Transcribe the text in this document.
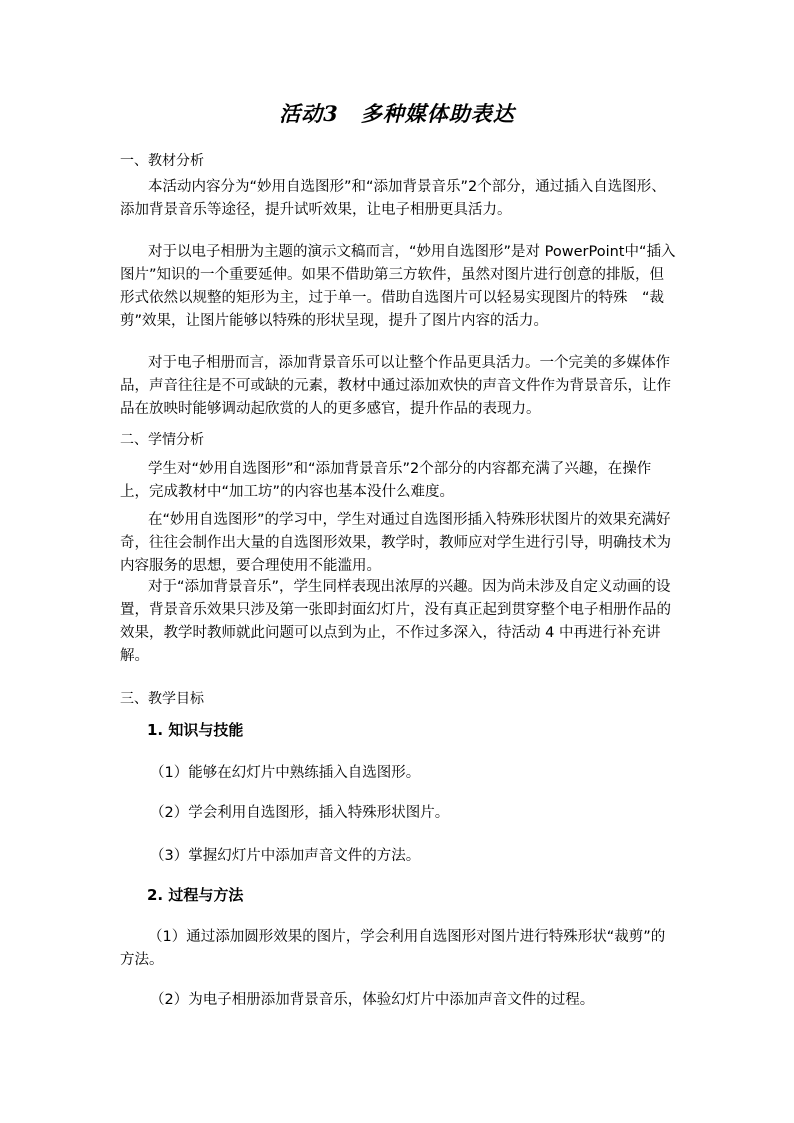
活动3　多种媒体助表达
一、教材分析

本活动内容分为“妙用自选图形”和“添加背景音乐”2个部分，通过插入自选图形、添加背景音乐等途径，提升试听效果，让电子相册更具活力。

对于以电子相册为主题的演示文稿而言，“妙用自选图形”是对 PowerPoint中“插入图片”知识的一个重要延伸。如果不借助第三方软件，虽然对图片进行创意的排版，但形式依然以规整的矩形为主，过于单一。借助自选图片可以轻易实现图片的特殊　“裁剪”效果，让图片能够以特殊的形状呈现，提升了图片内容的活力。

对于电子相册而言，添加背景音乐可以让整个作品更具活力。一个完美的多媒体作品，声音往往是不可或缺的元素，教材中通过添加欢快的声音文件作为背景音乐，让作品在放映时能够调动起欣赏的人的更多感官，提升作品的表现力。

二、学情分析

学生对“妙用自选图形”和“添加背景音乐”2个部分的内容都充满了兴趣，在操作上，完成教材中“加工坊”的内容也基本没什么难度。

在“妙用自选图形”的学习中，学生对通过自选图形插入特殊形状图片的效果充满好奇，往往会制作出大量的自选图形效果，教学时，教师应对学生进行引导，明确技术为内容服务的思想，要合理使用不能滥用。

对于“添加背景音乐”，学生同样表现出浓厚的兴趣。因为尚未涉及自定义动画的设置，背景音乐效果只涉及第一张即封面幻灯片，没有真正起到贯穿整个电子相册作品的效果，教学时教师就此问题可以点到为止，不作过多深入，待活动 4 中再进行补充讲解。

三、教学目标
1. 知识与技能
（1）能够在幻灯片中熟练插入自选图形。
（2）学会利用自选图形，插入特殊形状图片。
（3）掌握幻灯片中添加声音文件的方法。
2. 过程与方法

（1）通过添加圆形效果的图片，学会利用自选图形对图片进行特殊形状“裁剪”的方法。

（2）为电子相册添加背景音乐，体验幻灯片中添加声音文件的过程。
